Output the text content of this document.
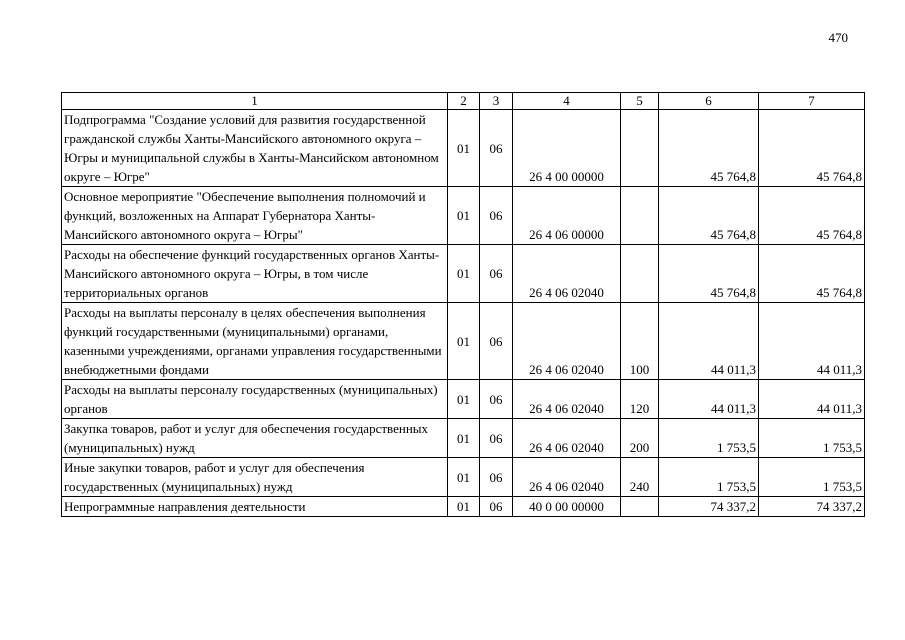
470
1	2	3	4	5	6	7
Подпрограмма "Создание условий для развития государственной гражданской службы Ханты-Мансийского автономного округа – Югры и муниципальной службы в Ханты-Мансийском автономном округе – Югре"	01	06	26 4 00 00000		45 764,8	45 764,8
Основное мероприятие "Обеспечение выполнения полномочий и функций, возложенных на Аппарат Губернатора Ханты-Мансийского автономного округа – Югры"	01	06	26 4 06 00000		45 764,8	45 764,8
Расходы на обеспечение функций государственных органов Ханты-Мансийского автономного округа – Югры, в том числе территориальных органов	01	06	26 4 06 02040		45 764,8	45 764,8
Расходы на выплаты персоналу в целях обеспечения выполнения функций государственными (муниципальными) органами, казенными учреждениями, органами управления государственными внебюджетными фондами	01	06	26 4 06 02040	100	44 011,3	44 011,3
Расходы на выплаты персоналу государственных (муниципальных) органов	01	06	26 4 06 02040	120	44 011,3	44 011,3
Закупка товаров, работ и услуг для обеспечения государственных (муниципальных) нужд	01	06	26 4 06 02040	200	1 753,5	1 753,5
Иные закупки товаров, работ и услуг для обеспечения государственных (муниципальных) нужд	01	06	26 4 06 02040	240	1 753,5	1 753,5
Непрограммные направления деятельности	01	06	40 0 00 00000		74 337,2	74 337,2
